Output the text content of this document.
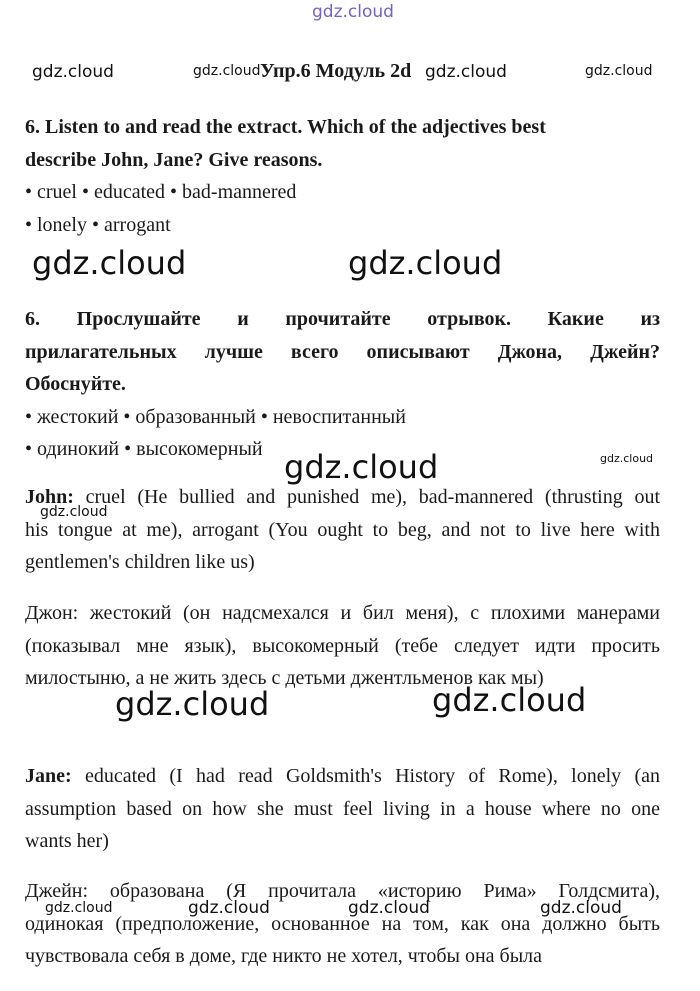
gdz.cloud
gdz.cloud	gdz.cloud	gdz.cloud	gdz.cloud
gdz.cloud	gdz.cloud
gdz.cloud	gdz.cloud
gdz.cloud
gdz.cloud	gdz.cloud
gdz.cloud	gdz.cloud	gdz.cloud	gdz.cloud
Упр.6 Модуль 2d

6. Listen to and read the extract. Which of the adjectives best

describe John, Jane? Give reasons.

• cruel • educated • bad-mannered

• lonely • arrogant

6. Прослушайте и прочитайте отрывок. Какие из

прилагательных лучше всего описывают Джона, Джейн?

Обоснуйте.

• жестокий • образованный • невоспитанный

• одинокий • высокомерный

John: cruel (He bullied and punished me), bad-mannered (thrusting out

his tongue at me), arrogant (You ought to beg, and not to live here with

gentlemen's children like us)

Джон: жестокий (он надсмехался и бил меня), с плохими манерами

(показывал мне язык), высокомерный (тебе следует идти просить

милостыню, а не жить здесь с детьми джентльменов как мы)

Jane: educated (I had read Goldsmith's History of Rome), lonely (an

assumption based on how she must feel living in a house where no one

wants her)

Джейн: образована (Я прочитала «историю Рима» Голдсмита),

одинокая (предположение, основанное на том, как она должно быть

чувствовала себя в доме, где никто не хотел, чтобы она была
